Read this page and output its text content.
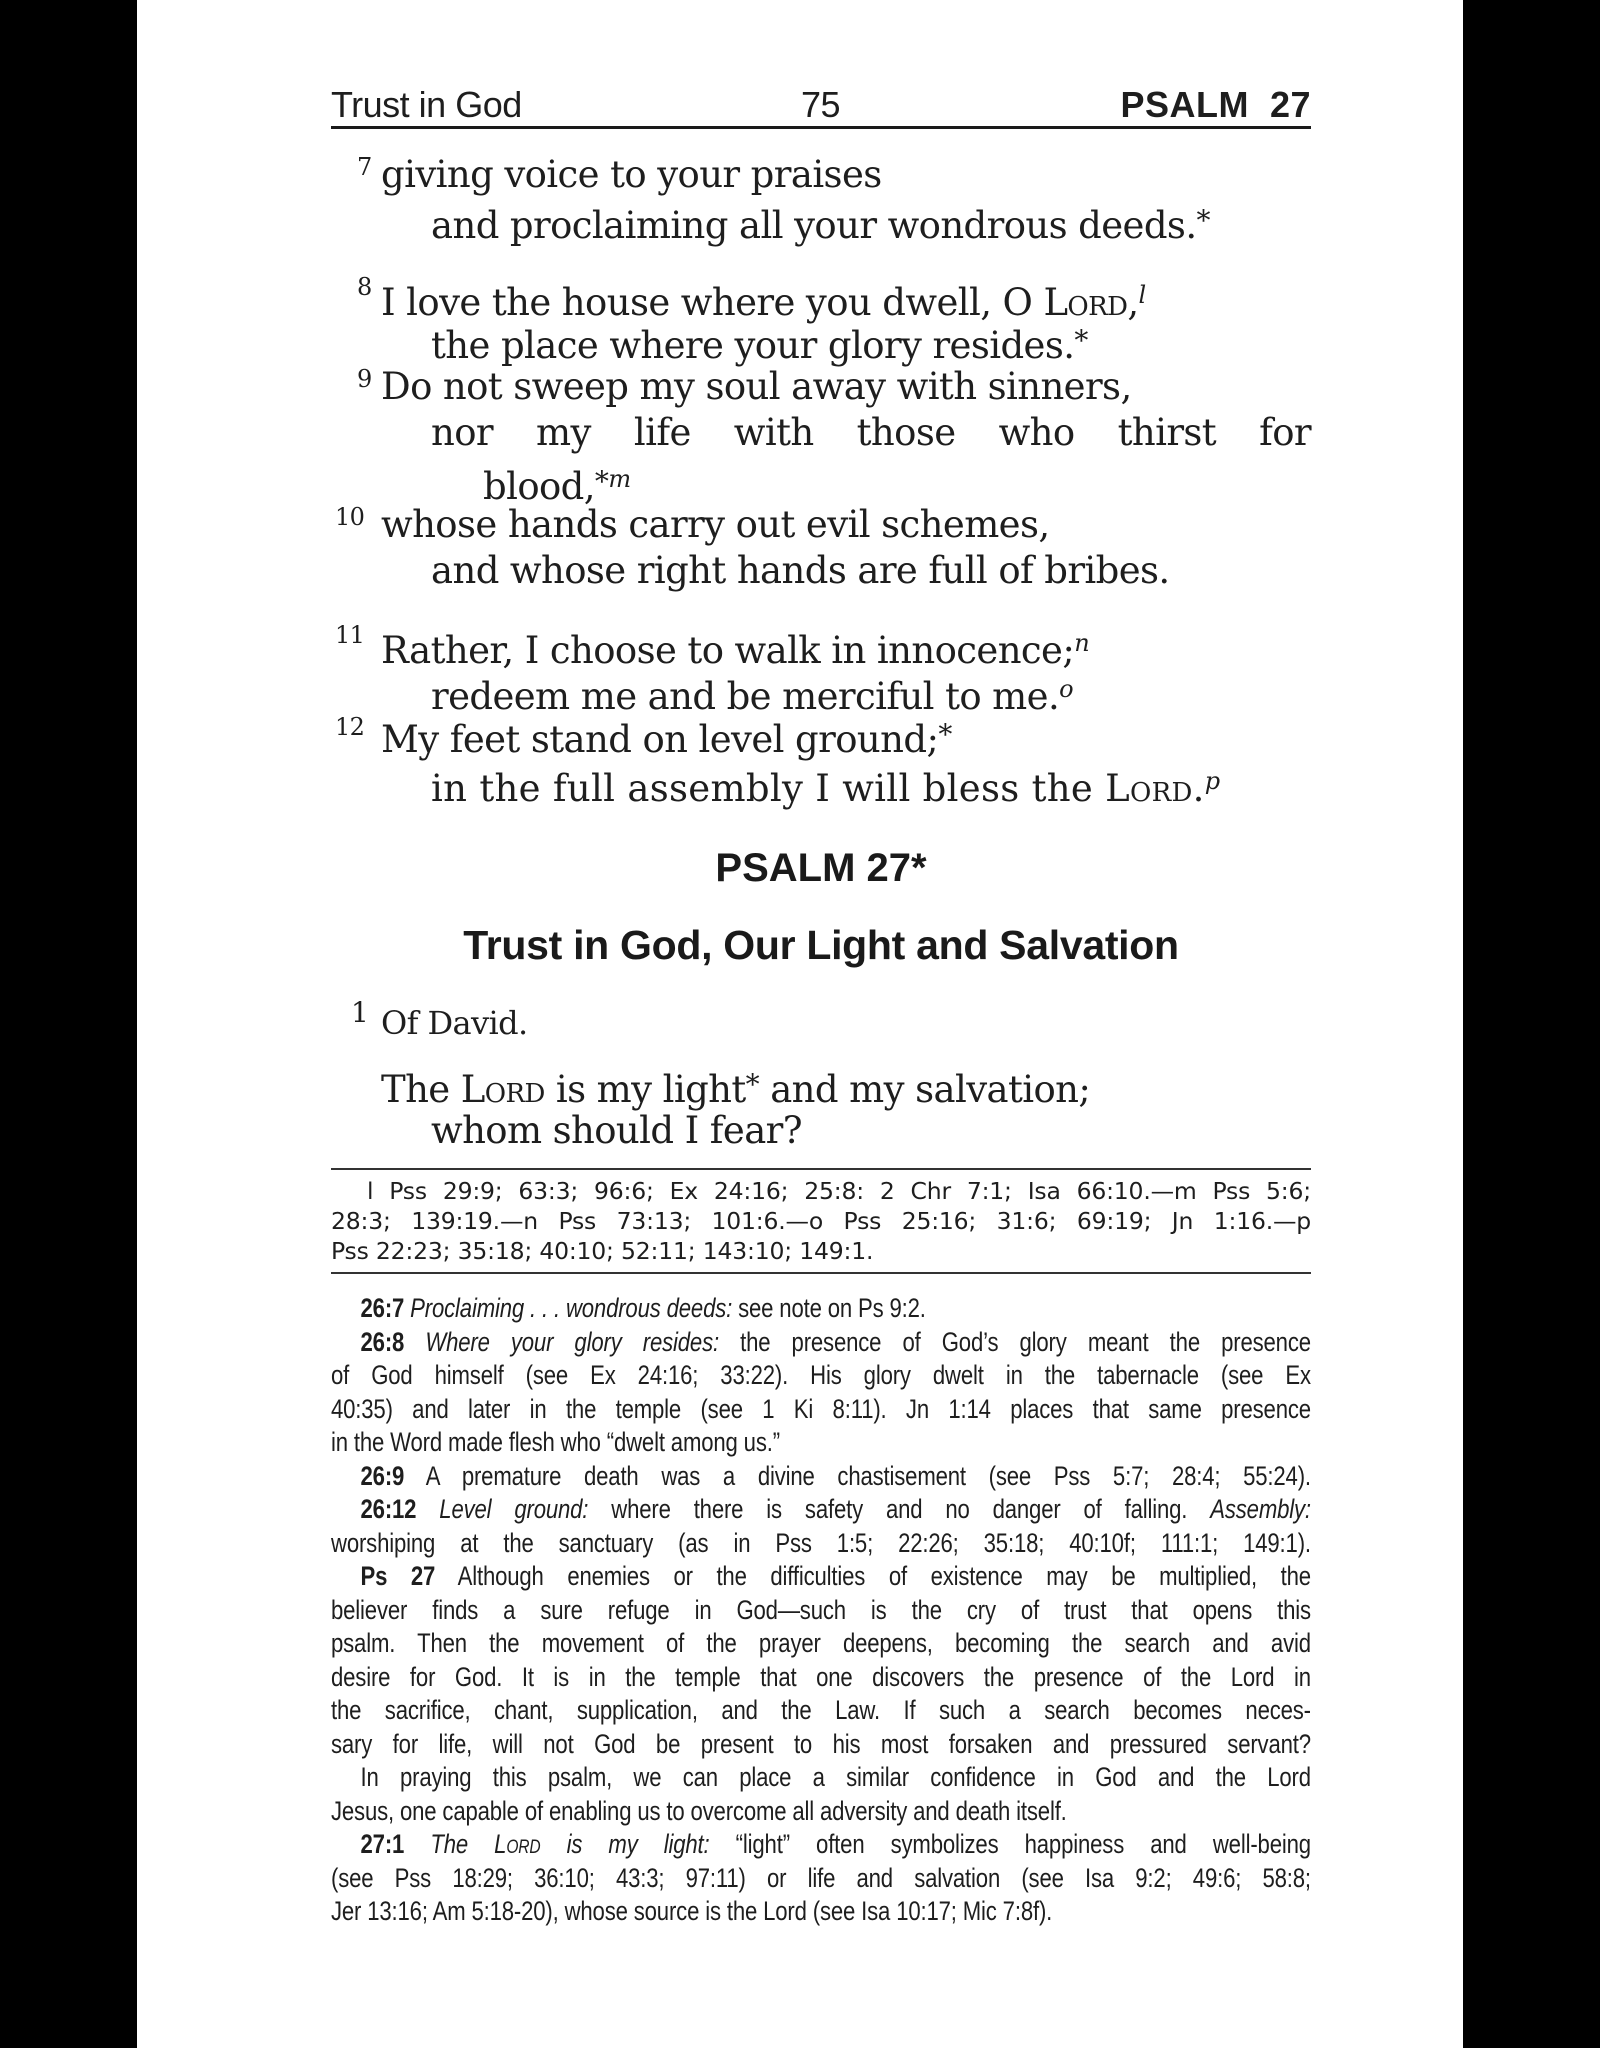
Trust in God	75	PSALM  27
7 giving voice to your praises
and proclaiming all your wondrous deeds.*
8 I love the house where you dwell, O Lord,$^l$
the place where your glory resides.*
9 Do not sweep my soul away with sinners,
nor my life with those who thirst for
blood,$^{*m}$
10 whose hands carry out evil schemes,
and whose right hands are full of bribes.
11 Rather, I choose to walk in innocence;$^n$
redeem me and be merciful to me.$^o$
12 My feet stand on level ground;*
in the full assembly I will bless the Lord.$^p$
PSALM 27*
Trust in God, Our Light and Salvation
1 Of David.
The Lord is my light* and my salvation;
whom should I fear?
l Pss 29:9; 63:3; 96:6; Ex 24:16; 25:8: 2 Chr 7:1; Isa 66:10.—m Pss 5:6;
28:3; 139:19.—n Pss 73:13; 101:6.—o Pss 25:16; 31:6; 69:19; Jn 1:16.—p
Pss 22:23; 35:18; 40:10; 52:11; 143:10; 149:1.
26:7 Proclaiming . . . wondrous deeds: see note on Ps 9:2.
26:8 Where your glory resides: the presence of God’s glory meant the presence
of God himself (see Ex 24:16; 33:22). His glory dwelt in the tabernacle (see Ex
40:35) and later in the temple (see 1 Ki 8:11). Jn 1:14 places that same presence
in the Word made flesh who “dwelt among us.”
26:9 A premature death was a divine chastisement (see Pss 5:7; 28:4; 55:24).
26:12 Level ground: where there is safety and no danger of falling. Assembly:
worshiping at the sanctuary (as in Pss 1:5; 22:26; 35:18; 40:10f; 111:1; 149:1).
Ps 27 Although enemies or the difficulties of existence may be multiplied, the
believer finds a sure refuge in God—such is the cry of trust that opens this
psalm. Then the movement of the prayer deepens, becoming the search and avid
desire for God. It is in the temple that one discovers the presence of the Lord in
the sacrifice, chant, supplication, and the Law. If such a search becomes neces-
sary for life, will not God be present to his most forsaken and pressured servant?
In praying this psalm, we can place a similar confidence in God and the Lord
Jesus, one capable of enabling us to overcome all adversity and death itself.
27:1 The Lord is my light: “light” often symbolizes happiness and well-being
(see Pss 18:29; 36:10; 43:3; 97:11) or life and salvation (see Isa 9:2; 49:6; 58:8;
Jer 13:16; Am 5:18-20), whose source is the Lord (see Isa 10:17; Mic 7:8f).
